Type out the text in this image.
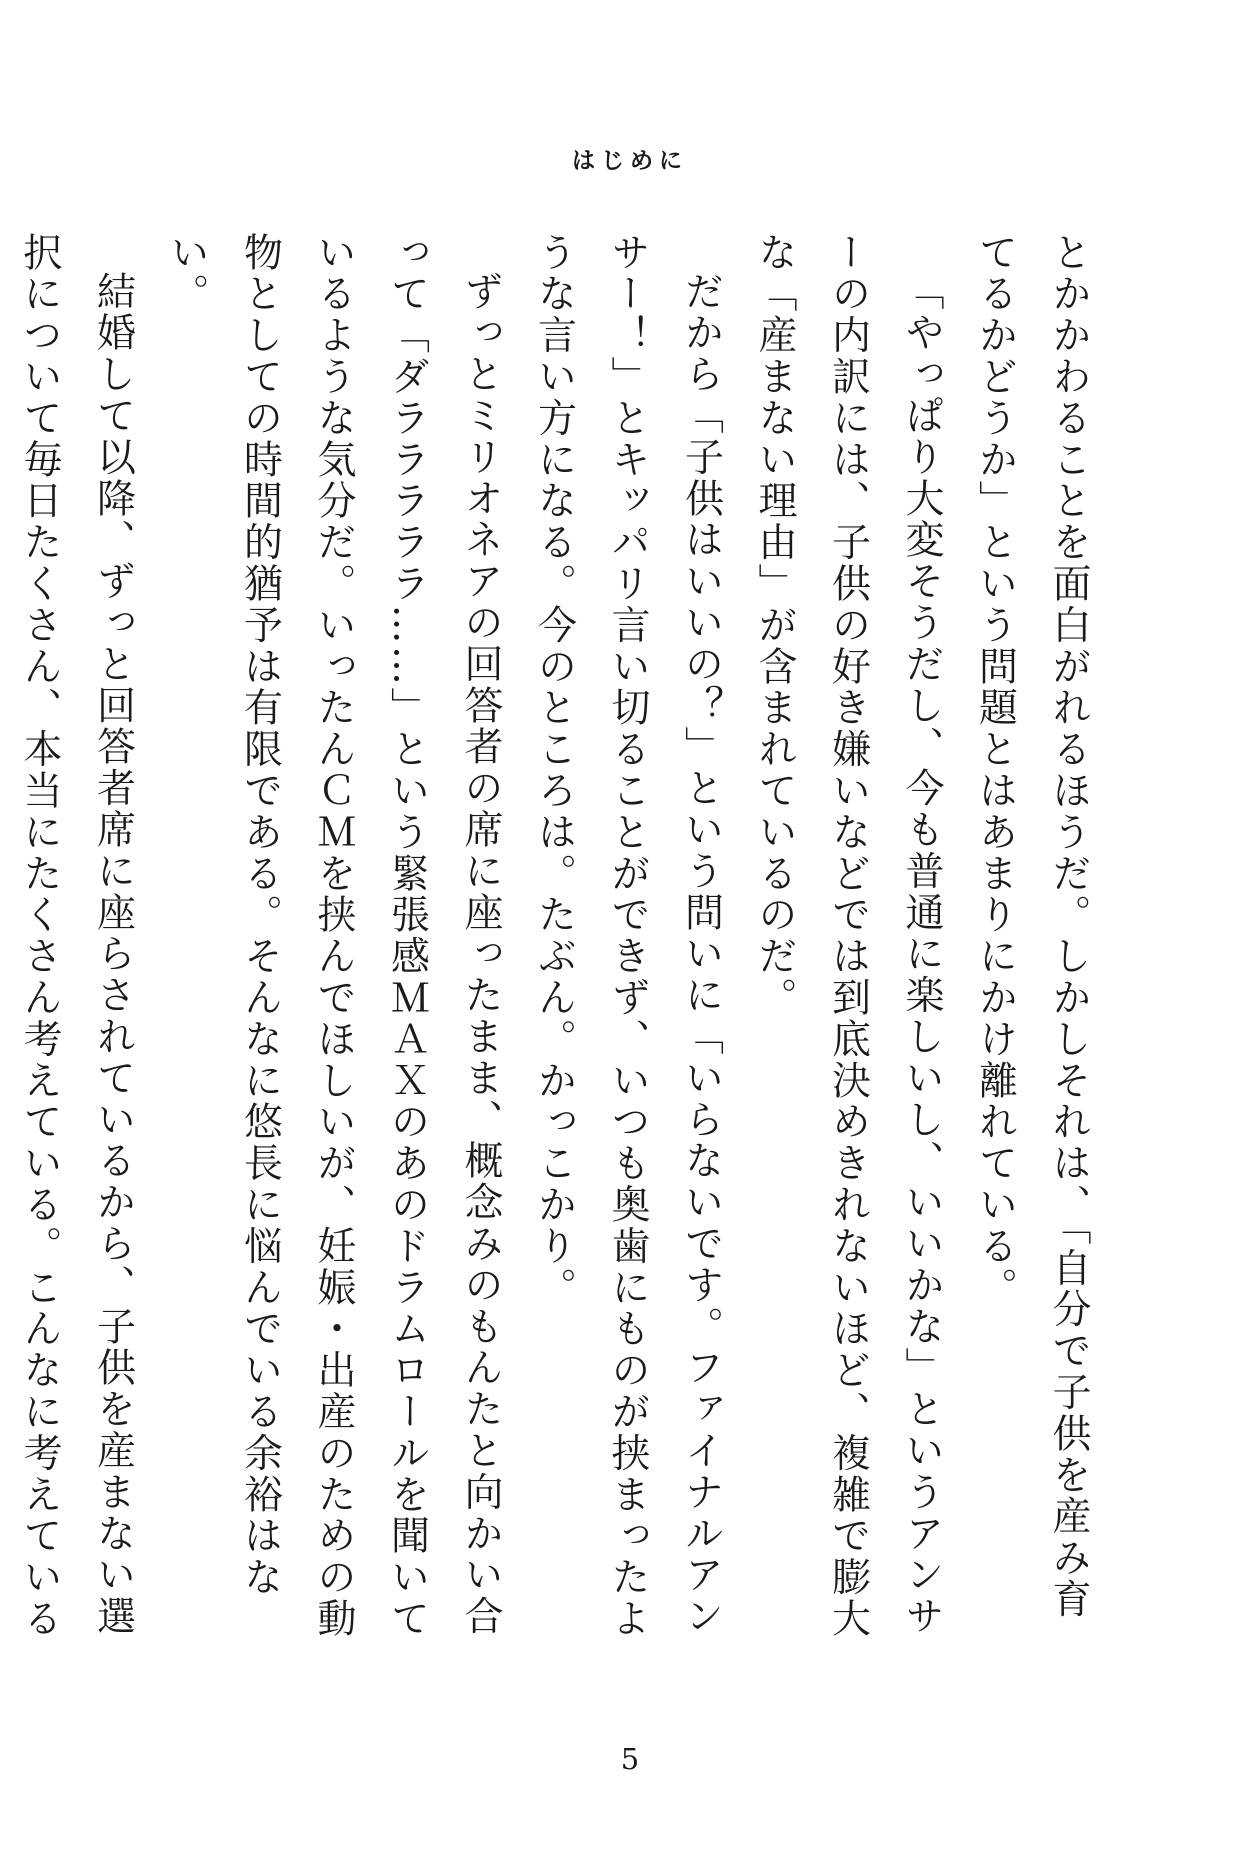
はじめに

とかかわることを面白がれるほうだ。しかしそれは、「自分で子供を産み育てるかどうか」という問題とはあまりにかけ離れている。

「やっぱり大変そうだし、今も普通に楽しいし、いいかな」というアンサーの内訳には、子供の好き嫌いなどでは到底決めきれないほど、複雑で膨大な「産まない理由」が含まれているのだ。

だから「子供はいいの？」という問いに「いらないです。ファイナルアンサー！」とキッパリ言い切ることができず、いつも奥歯にものが挟まったような言い方になる。今のところは。たぶん。かっこかり。

ずっとミリオネアの回答者の席に座ったまま、概念みのもんたと向かい合って「ダラララララ……」という緊張感ＭＡＸのあのドラムロールを聞いているような気分だ。いったんＣＭを挟んでほしいが、妊娠・出産のための動物としての時間的猶予は有限である。そんなに悠長に悩んでいる余裕はない。

結婚して以降、ずっと回答者席に座らされているから、子供を産まない選択について毎日たくさん、本当にたくさん考えている。こんなに考えている

5
